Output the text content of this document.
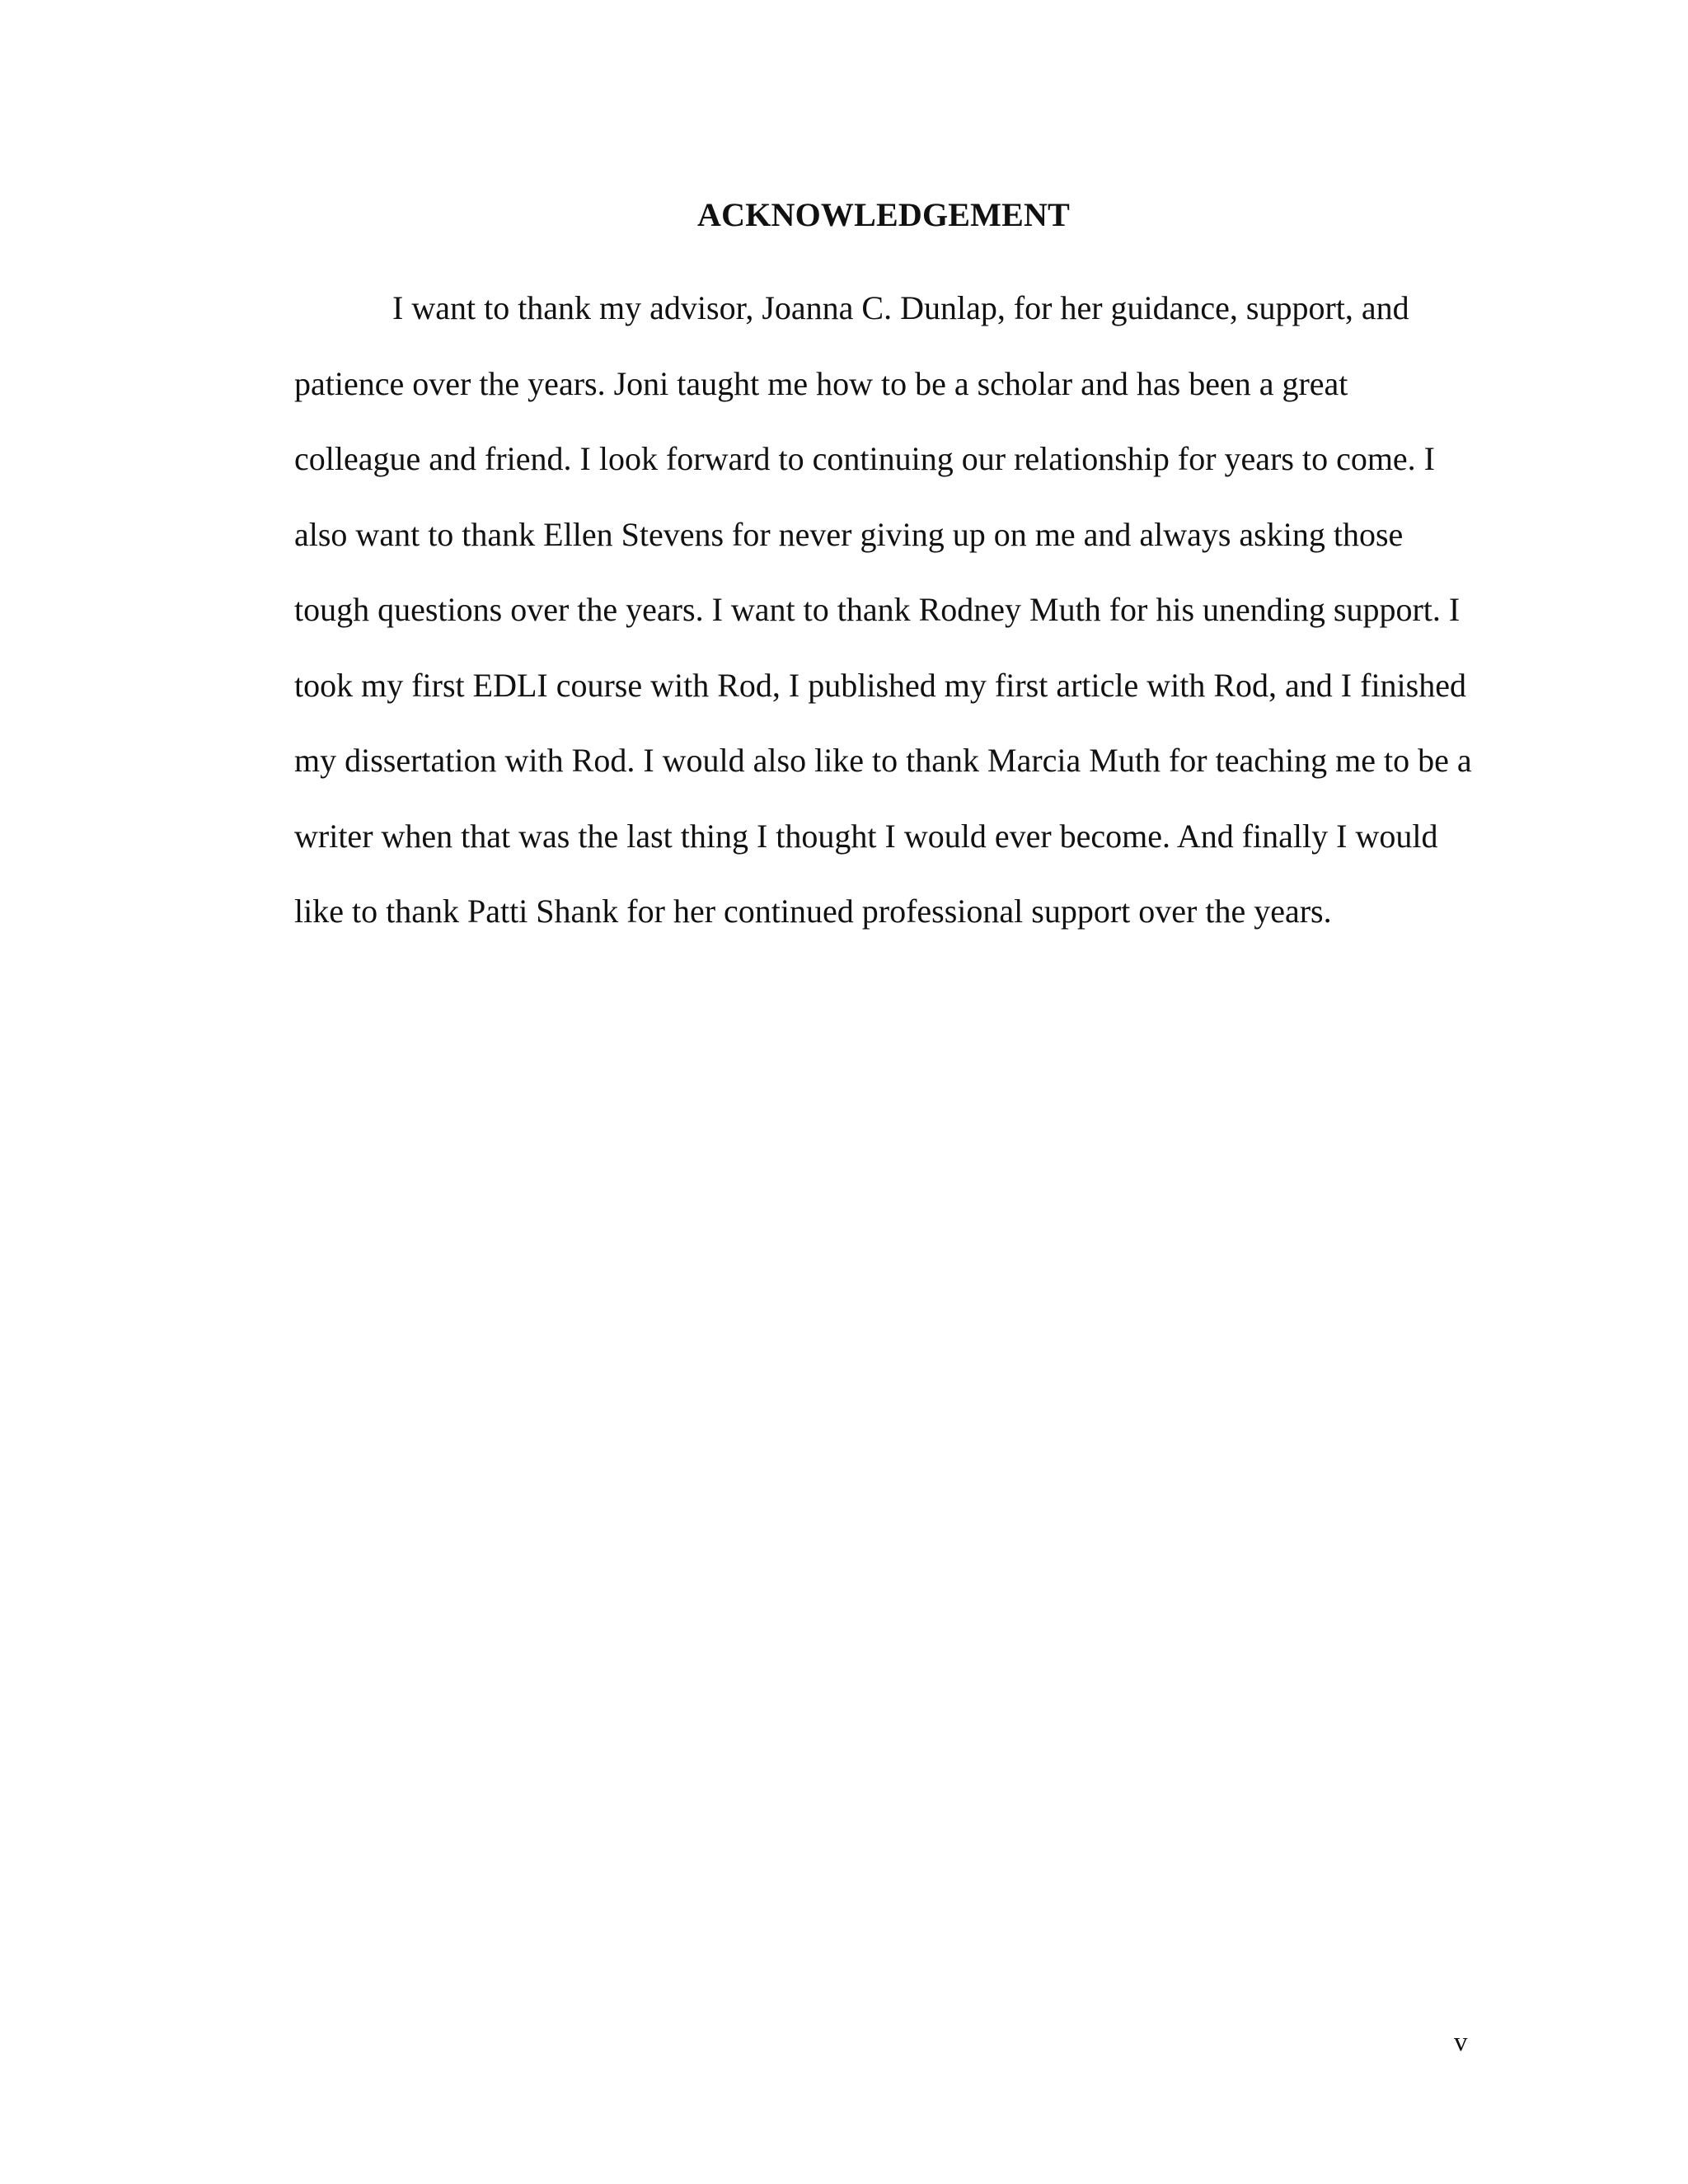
ACKNOWLEDGEMENT
I want to thank my advisor, Joanna C. Dunlap, for her guidance, support, and
patience over the years. Joni taught me how to be a scholar and has been a great
colleague and friend. I look forward to continuing our relationship for years to come. I
also want to thank Ellen Stevens for never giving up on me and always asking those
tough questions over the years. I want to thank Rodney Muth for his unending support. I
took my first EDLI course with Rod, I published my first article with Rod, and I finished
my dissertation with Rod. I would also like to thank Marcia Muth for teaching me to be a
writer when that was the last thing I thought I would ever become. And finally I would
like to thank Patti Shank for her continued professional support over the years.
v
